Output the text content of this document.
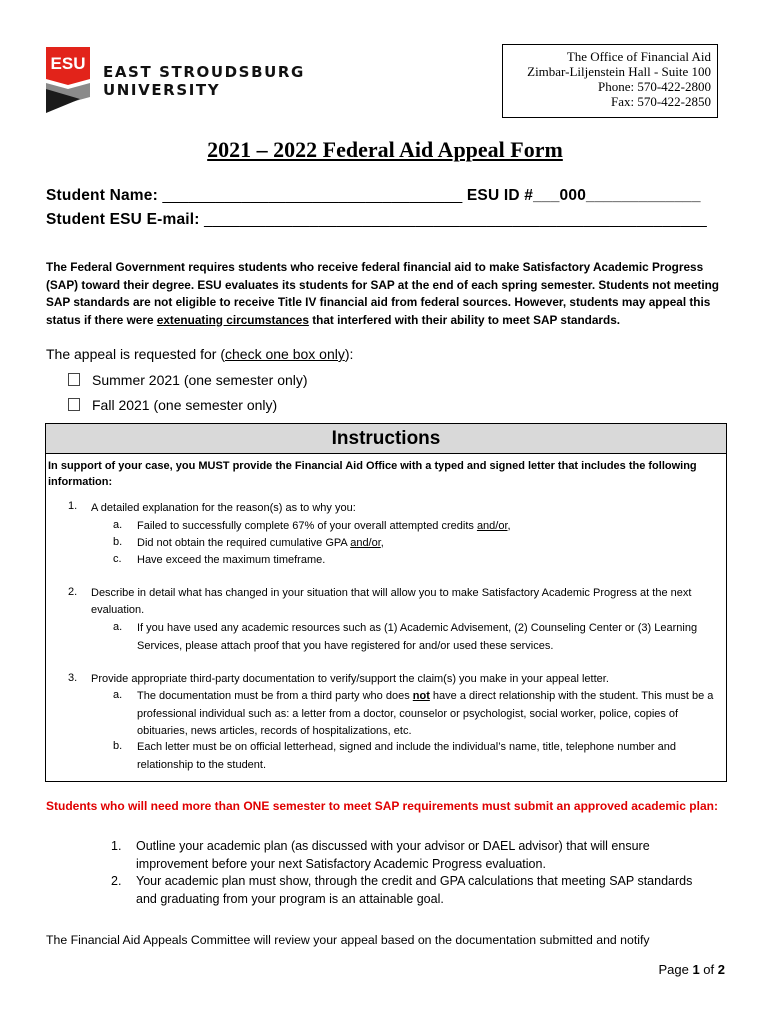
ESU EAST STROUDSBURG
UNIVERSITY
The Office of Financial Aid
Zimbar-Liljenstein Hall - Suite 100
Phone: 570-422-2800
Fax: 570-422-2850
2021 – 2022 Federal Aid Appeal Form
Student Name: __________________________________ ESU ID #___000_____________
Student ESU E-mail: _________________________________________________________
The Federal Government requires students who receive federal financial aid to make Satisfactory Academic Progress (SAP) toward their degree. ESU evaluates its students for SAP at the end of each spring semester. Students not meeting SAP standards are not eligible to receive Title IV financial aid from federal sources. However, students may appeal this status if there were extenuating circumstances that interfered with their ability to meet SAP standards.
The appeal is requested for (check one box only):
Summer 2021 (one semester only)
Fall 2021 (one semester only)
Instructions
In support of your case, you MUST provide the Financial Aid Office with a typed and signed letter that includes the following information:
1. A detailed explanation for the reason(s) as to why you:
a. Failed to successfully complete 67% of your overall attempted credits and/or,
b. Did not obtain the required cumulative GPA and/or,
c. Have exceed the maximum timeframe.
2. Describe in detail what has changed in your situation that will allow you to make Satisfactory Academic Progress at the next evaluation.
a. If you have used any academic resources such as (1) Academic Advisement, (2) Counseling Center or (3) Learning Services, please attach proof that you have registered for and/or used these services.
3. Provide appropriate third-party documentation to verify/support the claim(s) you make in your appeal letter.
a. The documentation must be from a third party who does not have a direct relationship with the student. This must be a professional individual such as: a letter from a doctor, counselor or psychologist, social worker, police, copies of obituaries, news articles, records of hospitalizations, etc.
b. Each letter must be on official letterhead, signed and include the individual’s name, title, telephone number and relationship to the student.
Students who will need more than ONE semester to meet SAP requirements must submit an approved academic plan:
1. Outline your academic plan (as discussed with your advisor or DAEL advisor) that will ensure improvement before your next Satisfactory Academic Progress evaluation.
2. Your academic plan must show, through the credit and GPA calculations that meeting SAP standards and graduating from your program is an attainable goal.
The Financial Aid Appeals Committee will review your appeal based on the documentation submitted and notify
Page 1 of 2
